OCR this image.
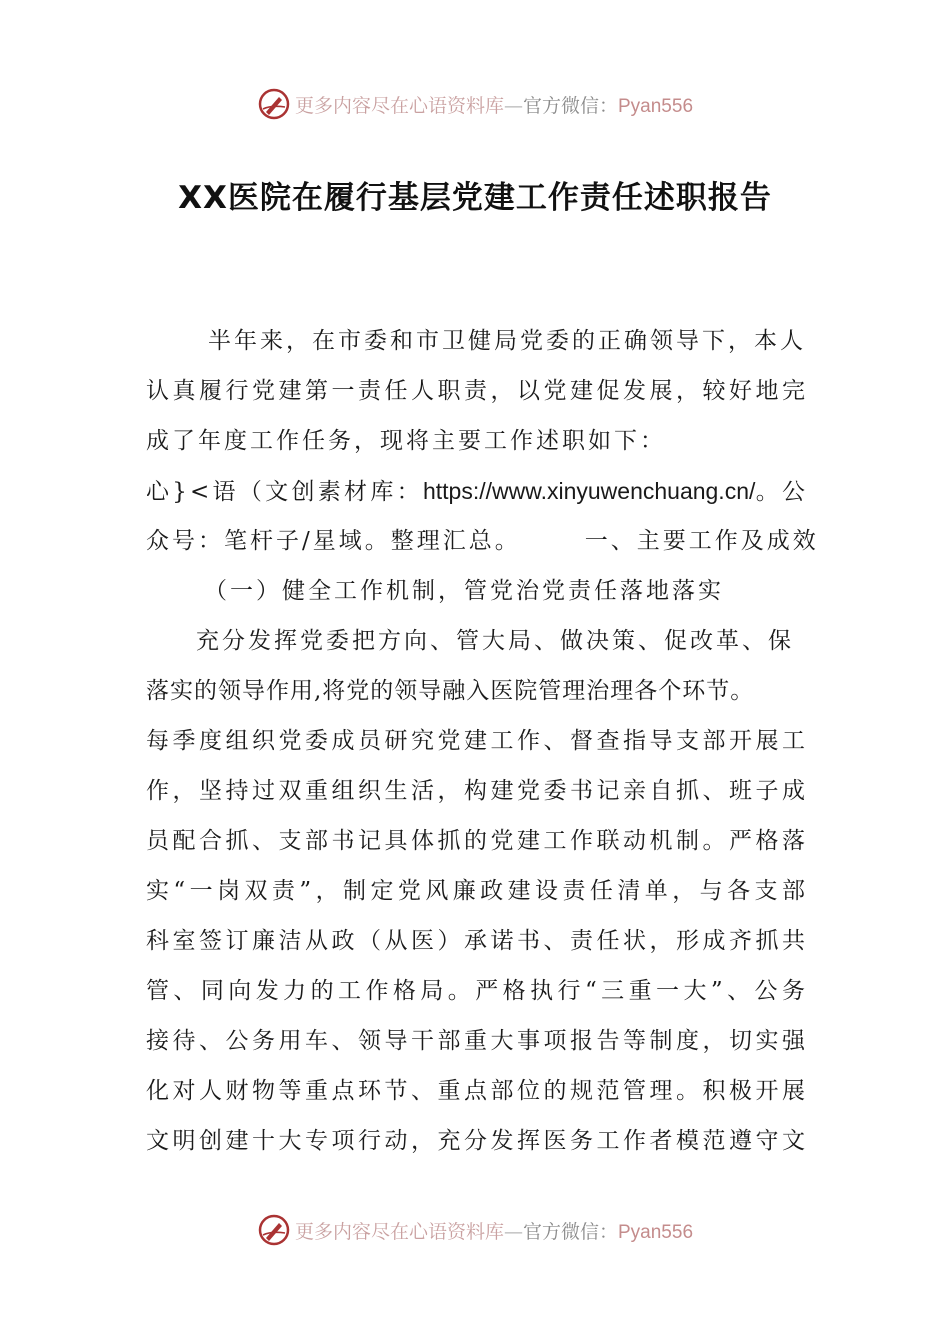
更多内容尽在心语资料库—官方微信：Pyan556
XX医院在履行基层党建工作责任述职报告
半年来，在市委和市卫健局党委的正确领导下，本人
认真履行党建第一责任人职责，以党建促发展，较好地完
成了年度工作任务，现将主要工作述职如下：
心}<语（文创素材库：https://www.xinyuwenchuang.cn/。公
众号：笔杆子/星域。整理汇总。	一、主要工作及成效
（一）健全工作机制，管党治党责任落地落实
充分发挥党委把方向、管大局、做决策、促改革、保
落实的领导作用,将党的领导融入医院管理治理各个环节。
每季度组织党委成员研究党建工作、督查指导支部开展工
作，坚持过双重组织生活，构建党委书记亲自抓、班子成
员配合抓、支部书记具体抓的党建工作联动机制。严格落
实“一岗双责”，制定党风廉政建设责任清单，与各支部
科室签订廉洁从政（从医）承诺书、责任状，形成齐抓共
管、同向发力的工作格局。严格执行“三重一大”、公务
接待、公务用车、领导干部重大事项报告等制度，切实强
化对人财物等重点环节、重点部位的规范管理。积极开展
文明创建十大专项行动，充分发挥医务工作者模范遵守文
更多内容尽在心语资料库—官方微信：Pyan556
